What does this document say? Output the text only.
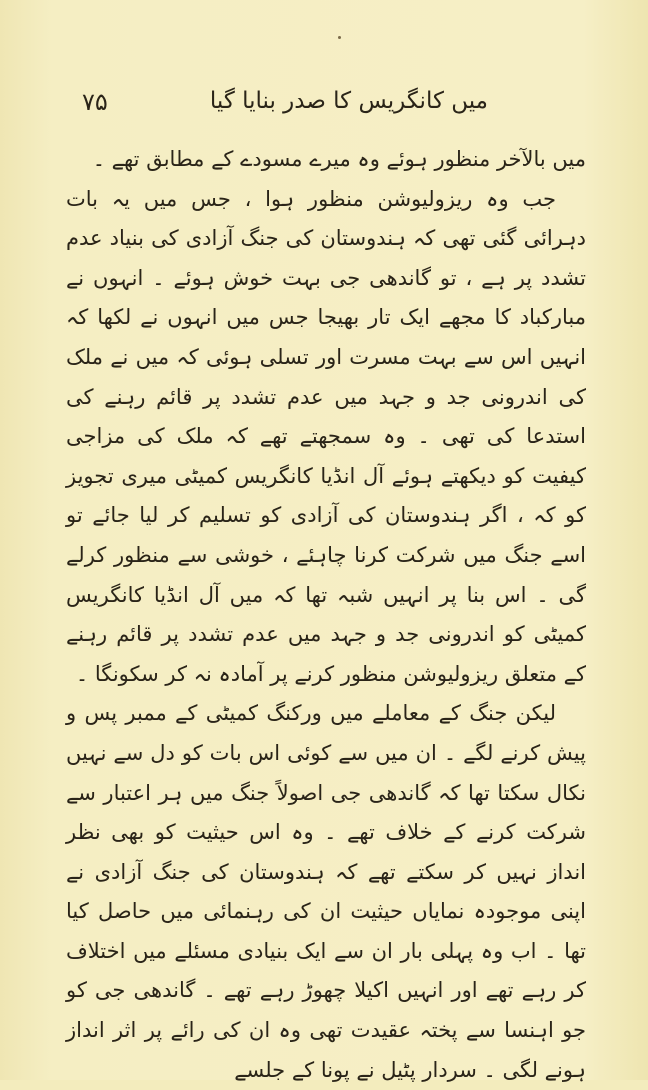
۷۵	میں کانگریس کا صدر بنایا گیا

میں بالآخر منظور ہوئے وہ میرے مسودے کے مطابق تھے ۔

جب وہ ریزولیوشن منظور ہوا ، جس میں یہ بات دہرائی گئی تھی کہ ہندوستان کی جنگ آزادی کی بنیاد عدم تشدد پر ہے ، تو گاندھی جی بہت خوش ہوئے ۔ انہوں نے مبارکباد کا مجھے ایک تار بھیجا جس میں انہوں نے لکھا کہ انہیں اس سے بہت مسرت اور تسلی ہوئی کہ میں نے ملک کی اندرونی جد و جہد میں عدم تشدد پر قائم رہنے کی استدعا کی تھی ۔ وہ سمجھتے تھے کہ ملک کی مزاجی کیفیت کو دیکھتے ہوئے آل انڈیا کانگریس کمیٹی میری تجویز کو کہ ، اگر ہندوستان کی آزادی کو تسلیم کر لیا جائے تو اسے جنگ میں شرکت کرنا چاہئے ، خوشی سے منظور کرلے گی ۔ اس بنا پر انہیں شبہ تھا کہ میں آل انڈیا کانگریس کمیٹی کو اندرونی جد و جہد میں عدم تشدد پر قائم رہنے کے متعلق ریزولیوشن منظور کرنے پر آمادہ نہ کر سکونگا ۔

لیکن جنگ کے معاملے میں ورکنگ کمیٹی کے ممبر پس و پیش کرنے لگے ۔ ان میں سے کوئی اس بات کو دل سے نہیں نکال سکتا تھا کہ گاندھی جی اصولاً جنگ میں ہر اعتبار سے شرکت کرنے کے خلاف تھے ۔ وہ اس حیثیت کو بھی نظر انداز نہیں کر سکتے تھے کہ ہندوستان کی جنگ آزادی نے اپنی موجودہ نمایاں حیثیت ان کی رہنمائی میں حاصل کیا تھا ۔ اب وہ پہلی بار ان سے ایک بنیادی مسئلے میں اختلاف کر رہے تھے اور انہیں اکیلا چھوڑ رہے تھے ۔ گاندھی جی کو جو اہنسا سے پختہ عقیدت تھی وہ ان کی رائے پر اثر انداز ہونے لگی ۔ سردار پٹیل نے پونا کے جلسے
